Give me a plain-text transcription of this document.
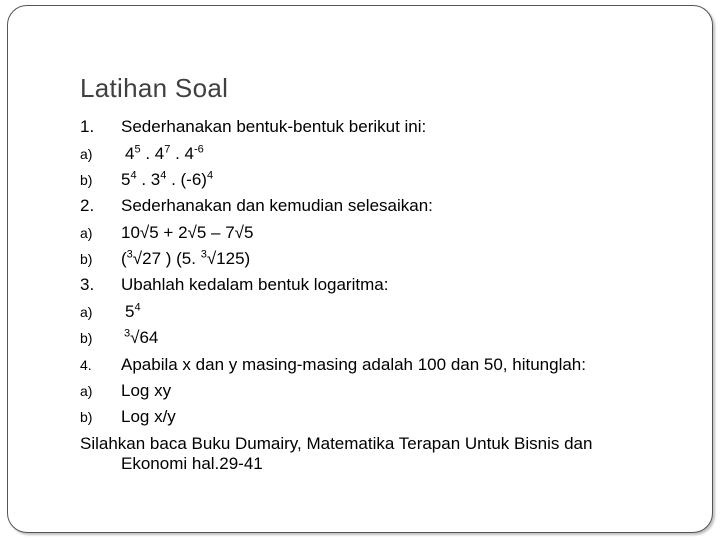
Latihan Soal
1. Sederhanakan bentuk-bentuk berikut ini:
a) $4^5$ . $4^7$ . $4^{-6}$
b) $5^4$ . $3^4$ . $(-6)^4$
2. Sederhanakan dan kemudian selesaikan:
a) 10√5 + 2√5 – 7√5
b) ($^3$√27 ) (5. $^3$√125)
3. Ubahlah kedalam bentuk logaritma:
a) $5^4$
b)	$^3$√64
4. Apabila x dan y masing-masing adalah 100 dan 50, hitunglah:
a) Log xy
b) Log x/y
Silahkan baca Buku Dumairy, Matematika Terapan Untuk Bisnis dan
Ekonomi hal.29-41
